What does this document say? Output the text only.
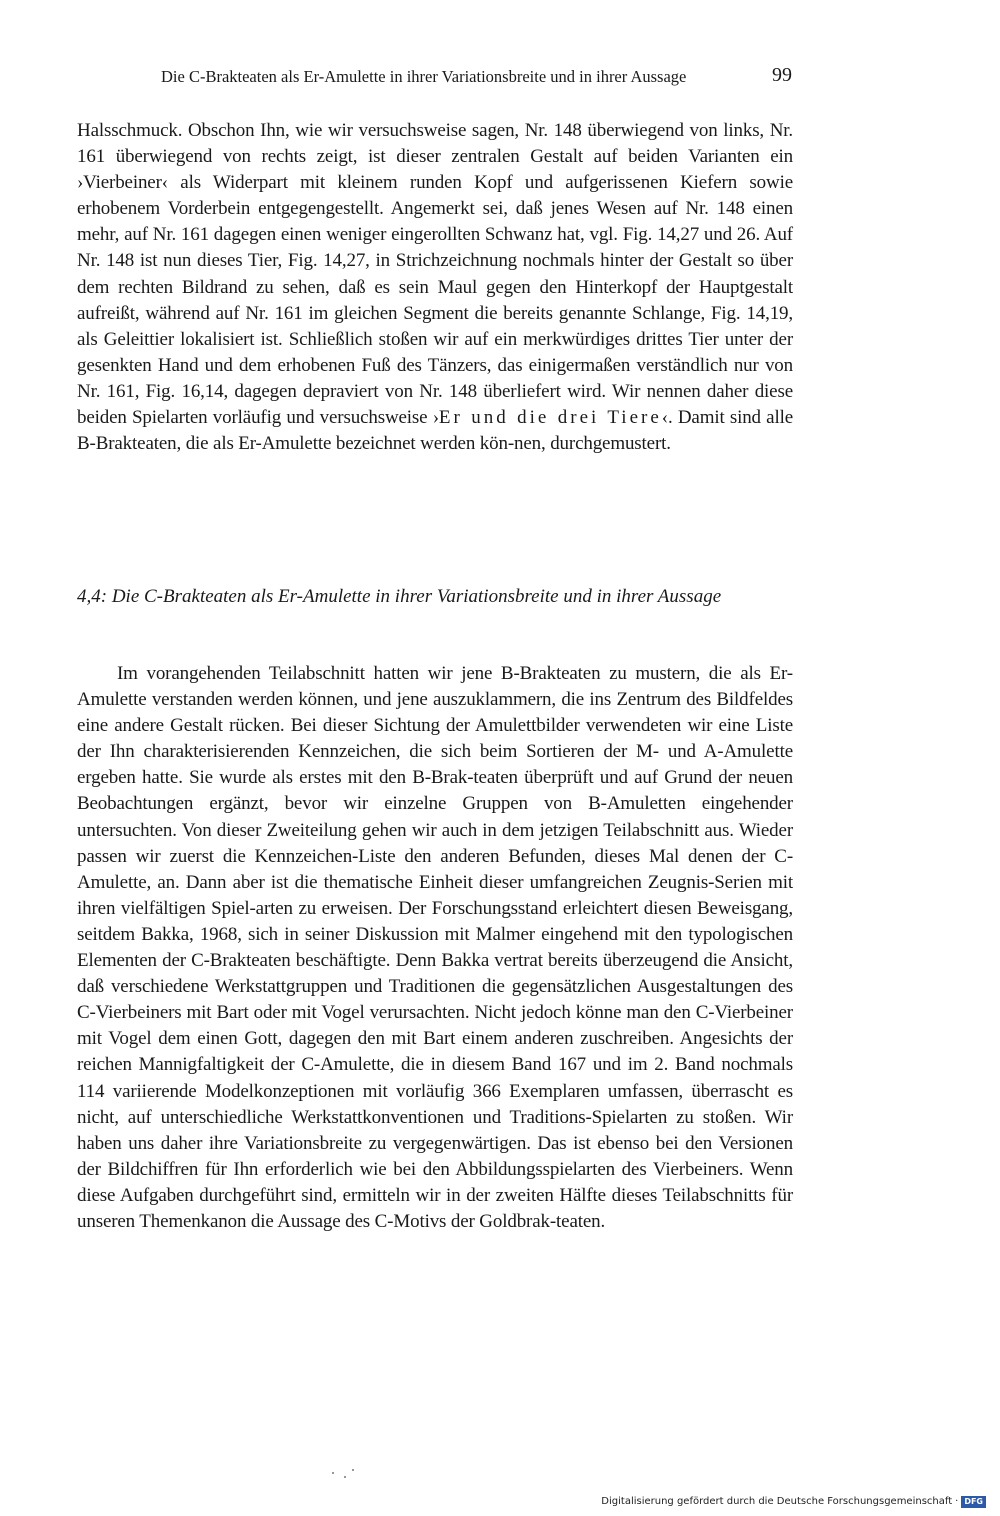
Die C-Brakteaten als Er-Amulette in ihrer Variationsbreite und in ihrer Aussage	99
Halsschmuck. Obschon Ihn, wie wir versuchsweise sagen, Nr. 148 überwiegend von links, Nr. 161 überwiegend von rechts zeigt, ist dieser zentralen Gestalt auf beiden Varianten ein ›Vierbeiner‹ als Widerpart mit kleinem runden Kopf und aufgerissenen Kiefern sowie erhobenem Vorderbein entgegengestellt. Angemerkt sei, daß jenes Wesen auf Nr. 148 einen mehr, auf Nr. 161 dagegen einen weniger eingerollten Schwanz hat, vgl. Fig. 14,27 und 26. Auf Nr. 148 ist nun dieses Tier, Fig. 14,27, in Strichzeichnung nochmals hinter der Gestalt so über dem rechten Bildrand zu sehen, daß es sein Maul gegen den Hinterkopf der Hauptgestalt aufreißt, während auf Nr. 161 im gleichen Segment die bereits genannte Schlange, Fig. 14,19, als Geleittier lokalisiert ist. Schließlich stoßen wir auf ein merkwürdiges drittes Tier unter der gesenkten Hand und dem erhobenen Fuß des Tänzers, das einigermaßen verständlich nur von Nr. 161, Fig. 16,14, dagegen depraviert von Nr. 148 überliefert wird. Wir nennen daher diese beiden Spielarten vorläufig und versuchsweise ›Er und die drei Tiere‹. Damit sind alle B-Brakteaten, die als Er-Amulette bezeichnet werden kön-nen, durchgemustert.
4,4: Die C-Brakteaten als Er-Amulette in ihrer Variationsbreite und in ihrer Aussage
Im vorangehenden Teilabschnitt hatten wir jene B-Brakteaten zu mustern, die als Er-Amulette verstanden werden können, und jene auszuklammern, die ins Zentrum des Bildfeldes eine andere Gestalt rücken. Bei dieser Sichtung der Amulettbilder verwendeten wir eine Liste der Ihn charakterisierenden Kennzeichen, die sich beim Sortieren der M- und A-Amulette ergeben hatte. Sie wurde als erstes mit den B-Brak-teaten überprüft und auf Grund der neuen Beobachtungen ergänzt, bevor wir einzelne Gruppen von B-Amuletten eingehender untersuchten. Von dieser Zweiteilung gehen wir auch in dem jetzigen Teilabschnitt aus. Wieder passen wir zuerst die Kennzeichen-Liste den anderen Befunden, dieses Mal denen der C-Amulette, an. Dann aber ist die thematische Einheit dieser umfangreichen Zeugnis-Serien mit ihren vielfältigen Spiel-arten zu erweisen. Der Forschungsstand erleichtert diesen Beweisgang, seitdem Bakka, 1968, sich in seiner Diskussion mit Malmer eingehend mit den typologischen Elementen der C-Brakteaten beschäftigte. Denn Bakka vertrat bereits überzeugend die Ansicht, daß verschiedene Werkstattgruppen und Traditionen die gegensätzlichen Ausgestaltungen des C-Vierbeiners mit Bart oder mit Vogel verursachten. Nicht jedoch könne man den C-Vierbeiner mit Vogel dem einen Gott, dagegen den mit Bart einem anderen zuschreiben. Angesichts der reichen Mannigfaltigkeit der C-Amulette, die in diesem Band 167 und im 2. Band nochmals 114 variierende Modelkonzeptionen mit vorläufig 366 Exemplaren umfassen, überrascht es nicht, auf unterschiedliche Werkstattkonventionen und Traditions-Spielarten zu stoßen. Wir haben uns daher ihre Variationsbreite zu vergegenwärtigen. Das ist ebenso bei den Versionen der Bildchiffren für Ihn erforderlich wie bei den Abbildungsspielarten des Vierbeiners. Wenn diese Aufgaben durchgeführt sind, ermitteln wir in der zweiten Hälfte dieses Teilabschnitts für unseren Themenkanon die Aussage des C-Motivs der Goldbrak-teaten.
Digitalisierung gefördert durch die Deutsche Forschungsgemeinschaft · DFG
